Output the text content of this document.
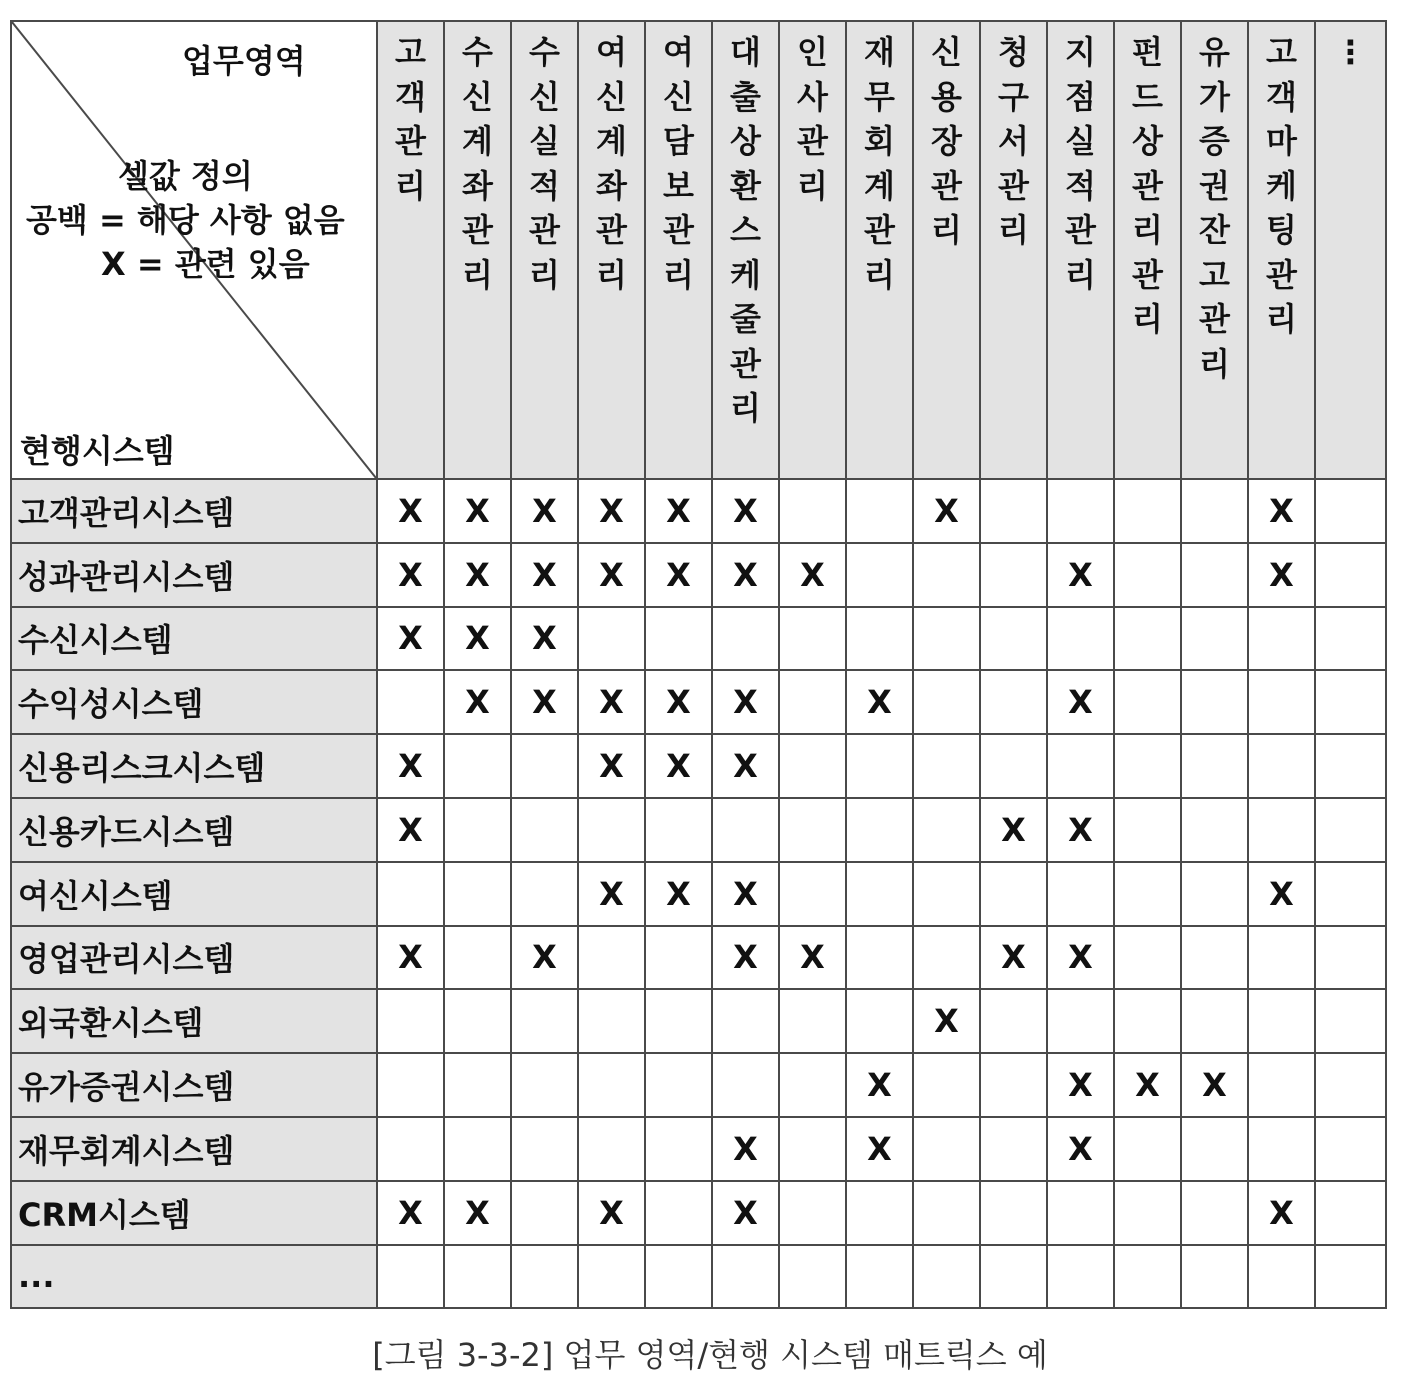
업무영역
셀값 정의
공백 = 해당 사항 없음
X = 관련 있음
현행시스템	고객관리	수신계좌관리	수신실적관리	여신계좌관리	여신담보관리	대출상환스케줄관리	인사관리	재무회계관리	신용장관리	청구서관리	지점실적관리	펀드상관리관리	유가증권잔고관리	고객마케팅관리	⋮

고객관리시스템	X	X	X	X	X	X			X					X	
성과관리시스템	X	X	X	X	X	X	X				X			X	
수신시스템	X	X	X												
수익성시스템		X	X	X	X	X		X			X				
신용리스크시스템	X			X	X	X									
신용카드시스템	X									X	X				
여신시스템				X	X	X								X	
영업관리시스템	X		X			X	X			X	X				
외국환시스템									X						
유가증권시스템								X			X	X	X		
재무회계시스템						X		X			X				
CRM시스템	X	X		X		X								X	
...															
[그림 3-3-2] 업무 영역/현행 시스템 매트릭스 예
